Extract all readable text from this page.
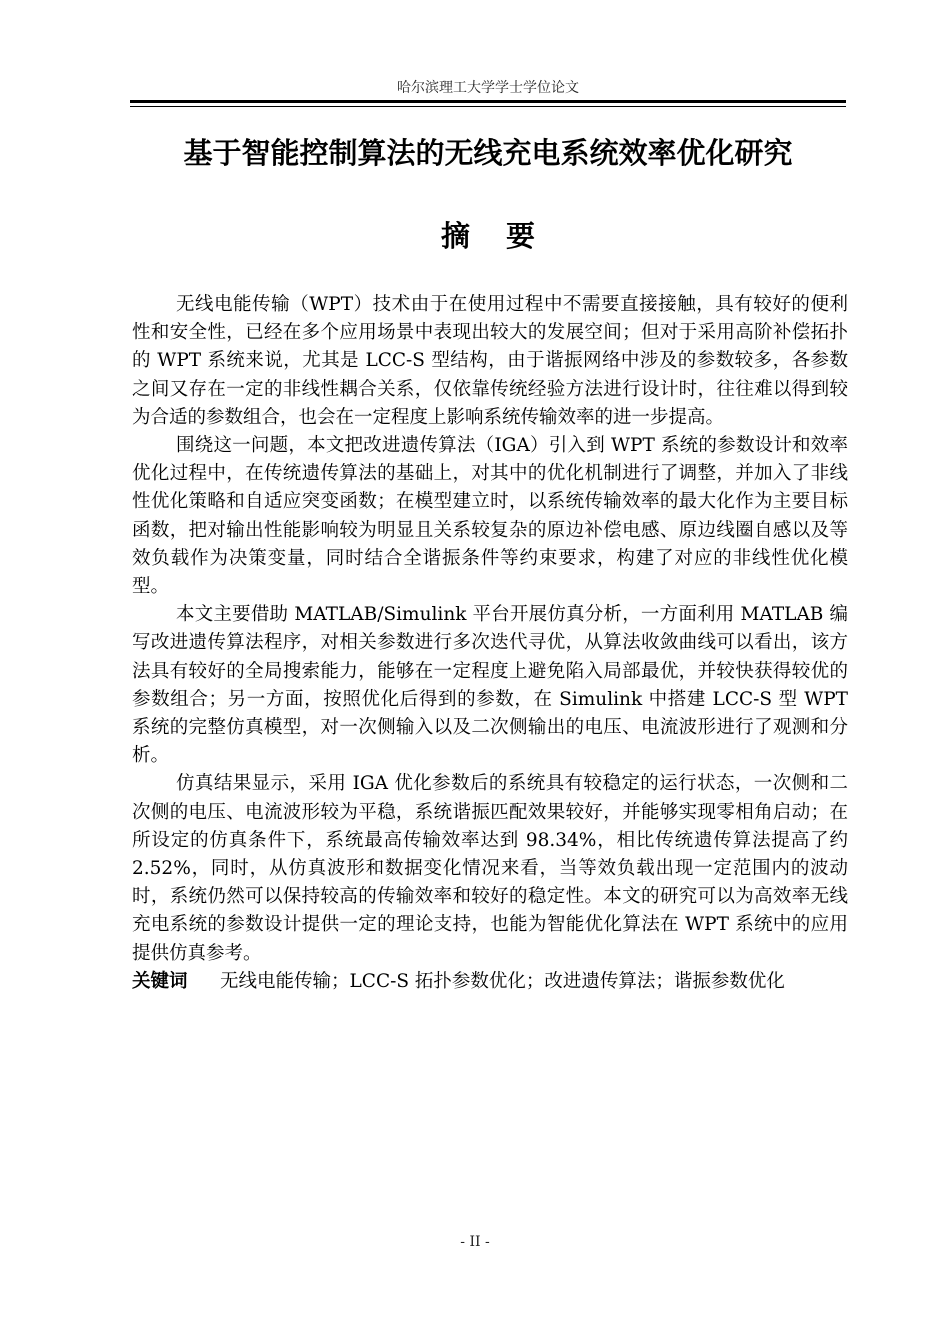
哈尔滨理工大学学士学位论文
基于智能控制算法的无线充电系统效率优化研究
摘要

无线电能传输（WPT）技术由于在使用过程中不需要直接接触，具有较好的便利性和安全性，已经在多个应用场景中表现出较大的发展空间；但对于采用高阶补偿拓扑的 WPT 系统来说，尤其是 LCC-S 型结构，由于谐振网络中涉及的参数较多，各参数之间又存在一定的非线性耦合关系，仅依靠传统经验方法进行设计时，往往难以得到较为合适的参数组合，也会在一定程度上影响系统传输效率的进一步提高。

围绕这一问题，本文把改进遗传算法（IGA）引入到 WPT 系统的参数设计和效率优化过程中，在传统遗传算法的基础上，对其中的优化机制进行了调整，并加入了非线性优化策略和自适应突变函数；在模型建立时，以系统传输效率的最大化作为主要目标函数，把对输出性能影响较为明显且关系较复杂的原边补偿电感、原边线圈自感以及等效负载作为决策变量，同时结合全谐振条件等约束要求，构建了对应的非线性优化模型。

本文主要借助 MATLAB/Simulink 平台开展仿真分析，一方面利用 MATLAB 编写改进遗传算法程序，对相关参数进行多次迭代寻优，从算法收敛曲线可以看出，该方法具有较好的全局搜索能力，能够在一定程度上避免陷入局部最优，并较快获得较优的参数组合；另一方面，按照优化后得到的参数，在 Simulink 中搭建 LCC-S 型 WPT 系统的完整仿真模型，对一次侧输入以及二次侧输出的电压、电流波形进行了观测和分析。

仿真结果显示，采用 IGA 优化参数后的系统具有较稳定的运行状态，一次侧和二次侧的电压、电流波形较为平稳，系统谐振匹配效果较好，并能够实现零相角启动；在所设定的仿真条件下，系统最高传输效率达到 98.34%，相比传统遗传算法提高了约 2.52%，同时，从仿真波形和数据变化情况来看，当等效负载出现一定范围内的波动时，系统仍然可以保持较高的传输效率和较好的稳定性。本文的研究可以为高效率无线充电系统的参数设计提供一定的理论支持，也能为智能优化算法在 WPT 系统中的应用提供仿真参考。

关键词	无线电能传输；LCC-S 拓扑参数优化；改进遗传算法；谐振参数优化
- II -
